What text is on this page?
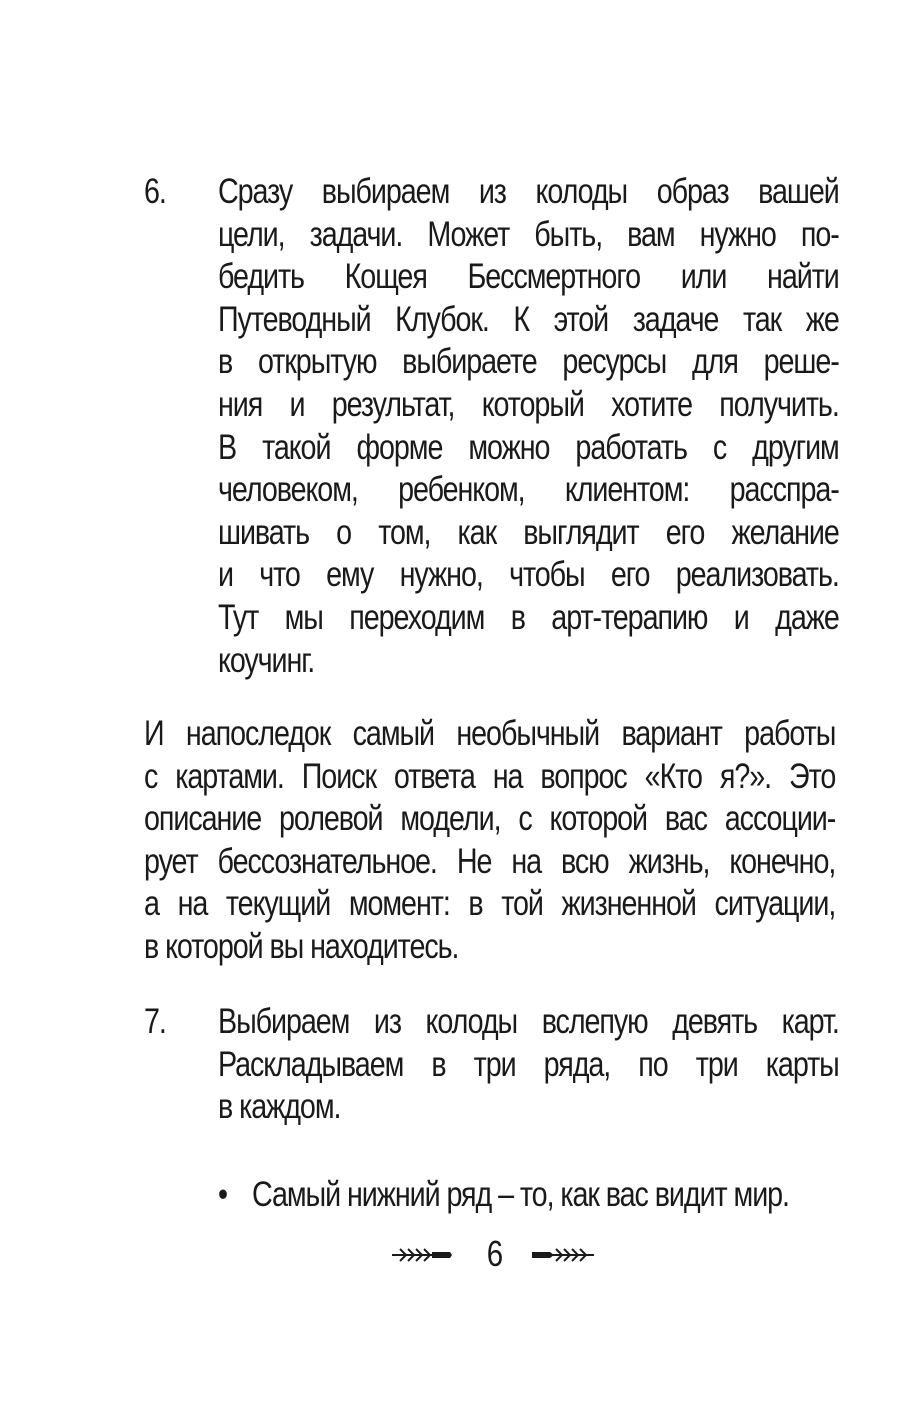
6. Сразу выбираем из колоды образ вашей
цели, задачи. Может быть, вам нужно по-
бедить Кощея Бессмертного или найти
Путеводный Клубок. К этой задаче так же
в открытую выбираете ресурсы для реше-
ния и результат, который хотите получить.
В такой форме можно работать с другим
человеком, ребенком, клиентом: расспра-
шивать о том, как выглядит его желание
и что ему нужно, чтобы его реализовать.
Тут мы переходим в арт-терапию и даже
коучинг.
И напоследок самый необычный вариант работы
с картами. Поиск ответа на вопрос «Кто я?». Это
описание ролевой модели, с которой вас ассоции-
рует бессознательное. Не на всю жизнь, конечно,
а на текущий момент: в той жизненной ситуации,
в которой вы находитесь.
7. Выбираем из колоды вслепую девять карт.
Раскладываем в три ряда, по три карты
в каждом.
• Самый нижний ряд – то, как вас видит мир.
6
